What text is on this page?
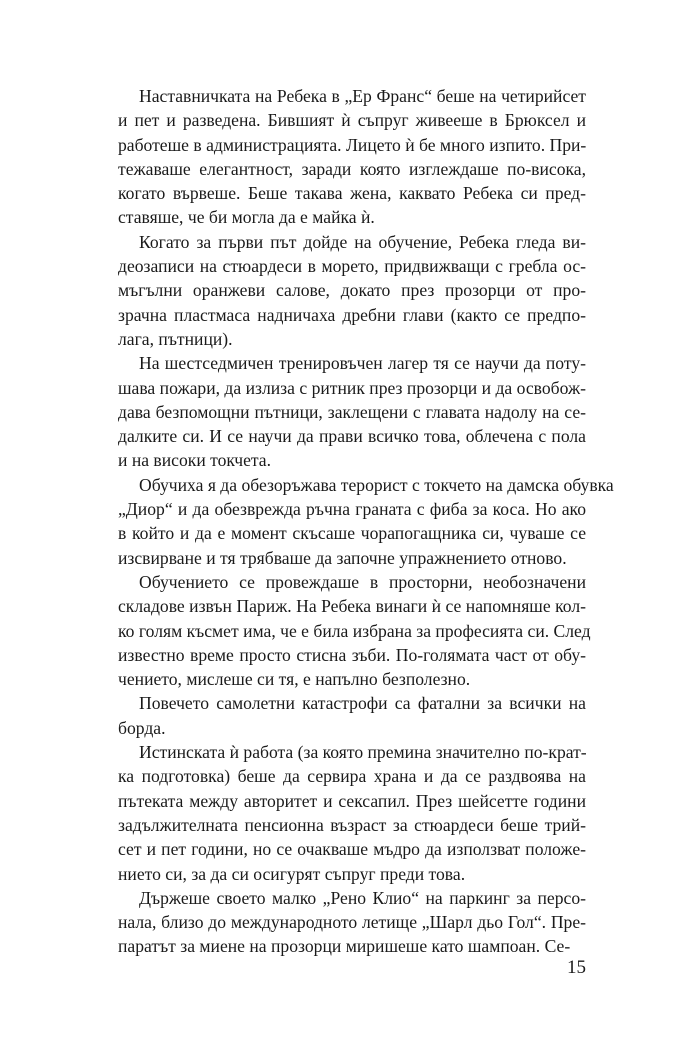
Наставничката на Ребека в „Ер Франс“ беше на четирийсет
и пет и разведена. Бившият ѝ съпруг живееше в Брюксел и
работеше в администрацията. Лицето ѝ бе много изпито. При-
тежаваше елегантност, заради която изглеждаше по-висока,
когато вървеше. Беше такава жена, каквато Ребека си пред-
ставяше, че би могла да е майка ѝ.

Когато за първи път дойде на обучение, Ребека гледа ви-
деозаписи на стюардеси в морето, придвижващи с гребла ос-
мъгълни оранжеви салове, докато през прозорци от про-
зрачна пластмаса надничаха дребни глави (както се предпо-
лага, пътници).

На шестседмичен тренировъчен лагер тя се научи да поту-
шава пожари, да излиза с ритник през прозорци и да освобож-
дава безпомощни пътници, заклещени с главата надолу на се-
далките си. И се научи да прави всичко това, облечена с пола
и на високи токчета.

Обучиха я да обезоръжава терорист с токчето на дамска обувка
„Диор“ и да обезврежда ръчна граната с фиба за коса. Но ако
в който и да е момент скъсаше чорапогащника си, чуваше се
изсвирване и тя трябваше да започне упражнението отново.

Обучението се провеждаше в просторни, необозначени
складове извън Париж. На Ребека винаги ѝ се напомняше кол-
ко голям късмет има, че е била избрана за професията си. След
известно време просто стисна зъби. По-голямата част от обу-
чението, мислеше си тя, е напълно безполезно.

Повечето самолетни катастрофи са фатални за всички на
борда.

Истинската ѝ работа (за която премина значително по-крат-
ка подготовка) беше да сервира храна и да се раздвоява на
пътеката между авторитет и сексапил. През шейсетте години
задължителната пенсионна възраст за стюардеси беше трий-
сет и пет години, но се очакваше мъдро да използват положе-
нието си, за да си осигурят съпруг преди това.

Държеше своето малко „Рено Клио“ на паркинг за персо-
нала, близо до международното летище „Шарл дьо Гол“. Пре-
паратът за миене на прозорци миришеше като шампоан. Се-

15
